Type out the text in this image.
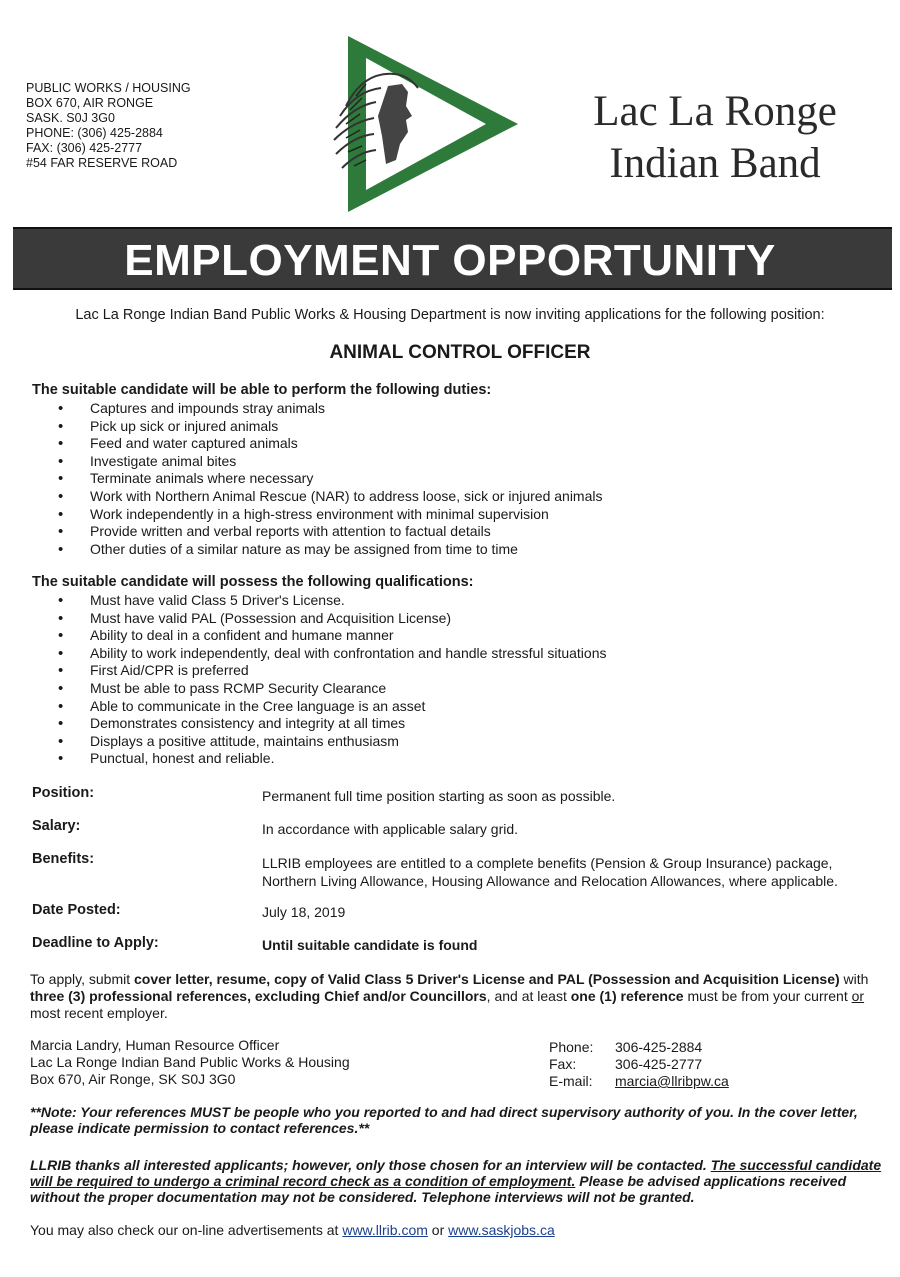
PUBLIC WORKS / HOUSING
BOX 670, AIR RONGE
SASK. S0J 3G0
PHONE: (306) 425-2884
FAX: (306) 425-2777
#54 FAR RESERVE ROAD
Lac La Ronge
Indian Band
EMPLOYMENT OPPORTUNITY
Lac La Ronge Indian Band Public Works & Housing Department is now inviting applications for the following position:
ANIMAL CONTROL OFFICER
The suitable candidate will be able to perform the following duties:
• Captures and impounds stray animals
• Pick up sick or injured animals
• Feed and water captured animals
• Investigate animal bites
• Terminate animals where necessary
• Work with Northern Animal Rescue (NAR) to address loose, sick or injured animals
• Work independently in a high-stress environment with minimal supervision
• Provide written and verbal reports with attention to factual details
• Other duties of a similar nature as may be assigned from time to time
The suitable candidate will possess the following qualifications:
• Must have valid Class 5 Driver's License.
• Must have valid PAL (Possession and Acquisition License)
• Ability to deal in a confident and humane manner
• Ability to work independently, deal with confrontation and handle stressful situations
• First Aid/CPR is preferred
• Must be able to pass RCMP Security Clearance
• Able to communicate in the Cree language is an asset
• Demonstrates consistency and integrity at all times
• Displays a positive attitude, maintains enthusiasm
• Punctual, honest and reliable.
Position:	Permanent full time position starting as soon as possible.
Salary:	In accordance with applicable salary grid.
Benefits:	LLRIB employees are entitled to a complete benefits (Pension & Group Insurance) package,
Northern Living Allowance, Housing Allowance and Relocation Allowances, where applicable.
Date Posted:	July 18, 2019
Deadline to Apply:	Until suitable candidate is found
To apply, submit cover letter, resume, copy of Valid Class 5 Driver's License and PAL (Possession and Acquisition License) with three (3) professional references, excluding Chief and/or Councillors, and at least one (1) reference must be from your current or most recent employer.
Marcia Landry, Human Resource Officer
Lac La Ronge Indian Band Public Works & Housing
Box 670, Air Ronge, SK S0J 3G0
Phone:	306-425-2884
Fax:	306-425-2777
E-mail:	marcia@llribpw.ca
**Note: Your references MUST be people who you reported to and had direct supervisory authority of you. In the cover letter, please indicate permission to contact references.**
LLRIB thanks all interested applicants; however, only those chosen for an interview will be contacted. The successful candidate will be required to undergo a criminal record check as a condition of employment. Please be advised applications received without the proper documentation may not be considered. Telephone interviews will not be granted.
You may also check our on-line advertisements at www.llrib.com or www.saskjobs.ca
